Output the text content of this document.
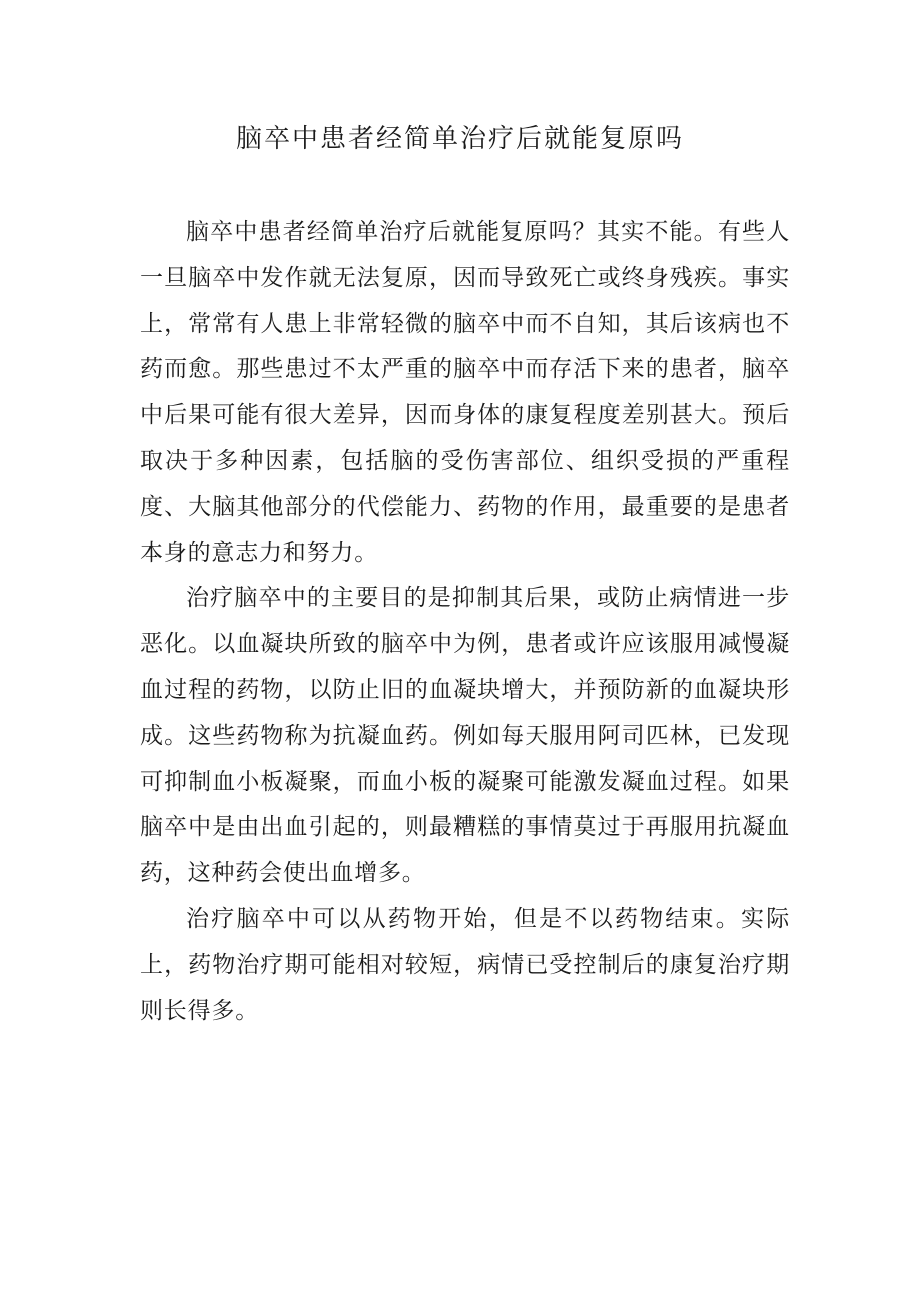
脑卒中患者经简单治疗后就能复原吗

脑卒中患者经简单治疗后就能复原吗？其实不能。有些人一旦脑卒中发作就无法复原，因而导致死亡或终身残疾。事实上，常常有人患上非常轻微的脑卒中而不自知，其后该病也不药而愈。那些患过不太严重的脑卒中而存活下来的患者，脑卒中后果可能有很大差异，因而身体的康复程度差别甚大。预后取决于多种因素，包括脑的受伤害部位、组织受损的严重程度、大脑其他部分的代偿能力、药物的作用，最重要的是患者本身的意志力和努力。

治疗脑卒中的主要目的是抑制其后果，或防止病情进一步恶化。以血凝块所致的脑卒中为例，患者或许应该服用减慢凝血过程的药物，以防止旧的血凝块增大，并预防新的血凝块形成。这些药物称为抗凝血药。例如每天服用阿司匹林，已发现可抑制血小板凝聚，而血小板的凝聚可能激发凝血过程。如果脑卒中是由出血引起的，则最糟糕的事情莫过于再服用抗凝血药，这种药会使出血增多。

治疗脑卒中可以从药物开始，但是不以药物结束。实际上，药物治疗期可能相对较短，病情已受控制后的康复治疗期则长得多。
